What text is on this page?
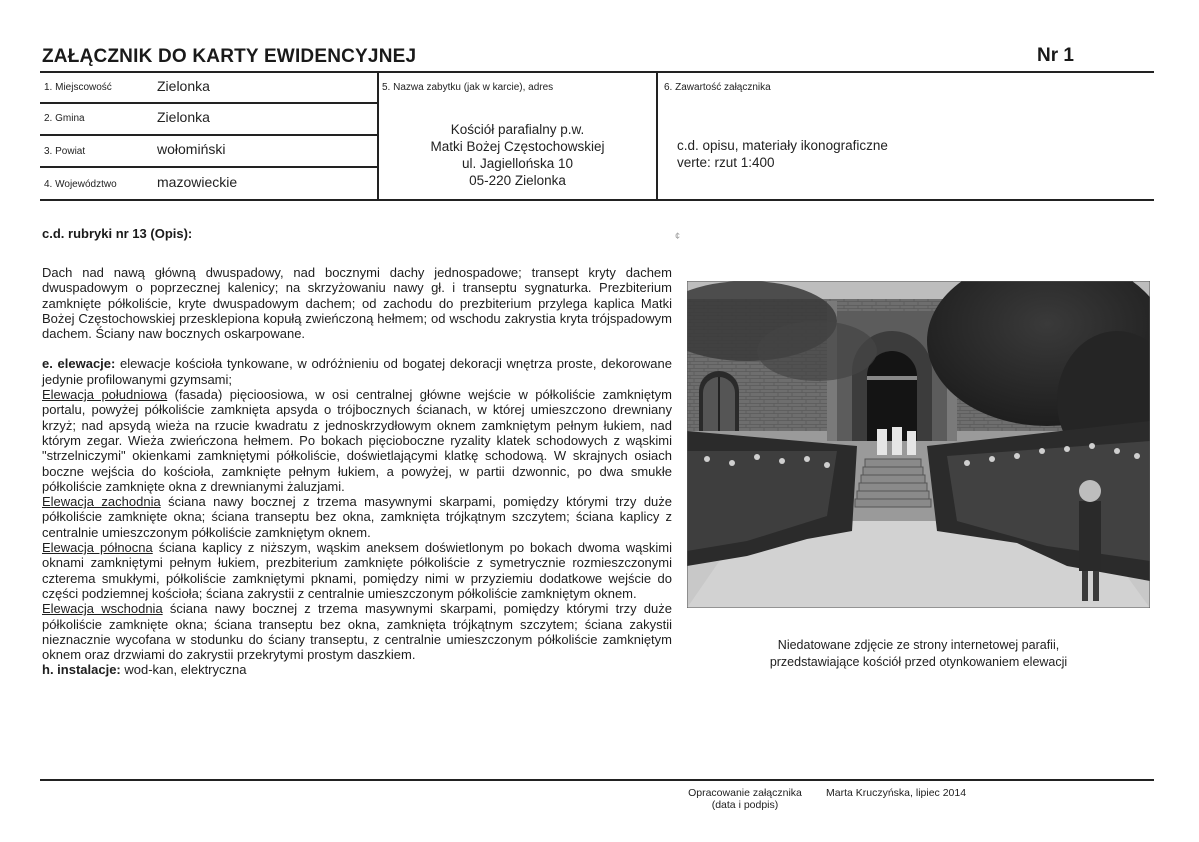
ZAŁĄCZNIK DO KARTY EWIDENCYJNEJ	Nr 1
1. Miejscowość	Zielonka
2. Gmina	Zielonka
3. Powiat	wołomiński
4. Województwo	mazowieckie
5. Nazwa zabytku (jak w karcie), adres
Kościół parafialny p.w.
Matki Bożej Częstochowskiej
ul. Jagiellońska 10
05-220 Zielonka
6. Zawartość załącznika
c.d. opisu, materiały ikonograficzne
verte: rzut 1:400
c.d. rubryki nr 13 (Opis):	¢
Dach nad nawą główną dwuspadowy, nad bocznymi dachy jednospadowe; transept kryty dachem dwuspadowym o poprzecznej kalenicy; na skrzyżowaniu nawy gł. i transeptu sygnaturka. Prezbiterium zamknięte półkoliście, kryte dwuspadowym dachem; od zachodu do prezbiterium przylega kaplica Matki Bożej Częstochowskiej przesklepiona kopułą zwieńczoną hełmem; od wschodu zakrystia kryta trójspadowym dachem. Ściany naw bocznych oskarpowane.
e. elewacje: elewacje kościoła tynkowane, w odróżnieniu od bogatej dekoracji wnętrza proste, dekorowane jedynie profilowanymi gzymsami;
Elewacja południowa (fasada) pięcioosiowa, w osi centralnej główne wejście w półkoliście zamkniętym portalu, powyżej półkoliście zamknięta apsyda o trójbocznych ścianach, w której umieszczono drewniany krzyż; nad apsydą wieża na rzucie kwadratu z jednoskrzydłowym oknem zamkniętym pełnym łukiem, nad którym zegar. Wieża zwieńczona hełmem. Po bokach pięcioboczne ryzality klatek schodowych z wąskimi "strzelniczymi" okienkami zamkniętymi półkoliście, doświetlającymi klatkę schodową. W skrajnych osiach boczne wejścia do kościoła, zamknięte pełnym łukiem, a powyżej, w partii dzwonnic, po dwa smukłe półkoliście zamknięte okna z drewnianymi żaluzjami.
Elewacja zachodnia ściana nawy bocznej z trzema masywnymi skarpami, pomiędzy którymi trzy duże półkoliście zamknięte okna; ściana transeptu bez okna, zamknięta trójkątnym szczytem; ściana kaplicy z centralnie umieszczonym półkoliście zamkniętym oknem.
Elewacja północna ściana kaplicy z niższym, wąskim aneksem doświetlonym po bokach dwoma wąskimi oknami zamkniętymi pełnym łukiem, prezbiterium zamknięte półkoliście z symetrycznie rozmieszczonymi czterema smukłymi, półkoliście zamkniętymi pknami, pomiędzy nimi w przyziemiu dodatkowe wejście do części podziemnej kościoła; ściana zakrystii z centralnie umieszczonym półkoliście zamkniętym oknem.
Elewacja wschodnia ściana nawy bocznej z trzema masywnymi skarpami, pomiędzy którymi trzy duże półkoliście zamknięte okna; ściana transeptu bez okna, zamknięta trójkątnym szczytem; ściana zakystii nieznacznie wycofana w stodunku do ściany transeptu, z centralnie umieszczonym półkoliście zamkniętym oknem oraz drzwiami do zakrystii przekrytymi prostym daszkiem.
h. instalacje: wod-kan, elektryczna
Niedatowane zdjęcie ze strony internetowej parafii,
przedstawiające kościół przed otynkowaniem elewacji
Opracowanie załącznika
(data i podpis)
Marta Kruczyńska, lipiec 2014
